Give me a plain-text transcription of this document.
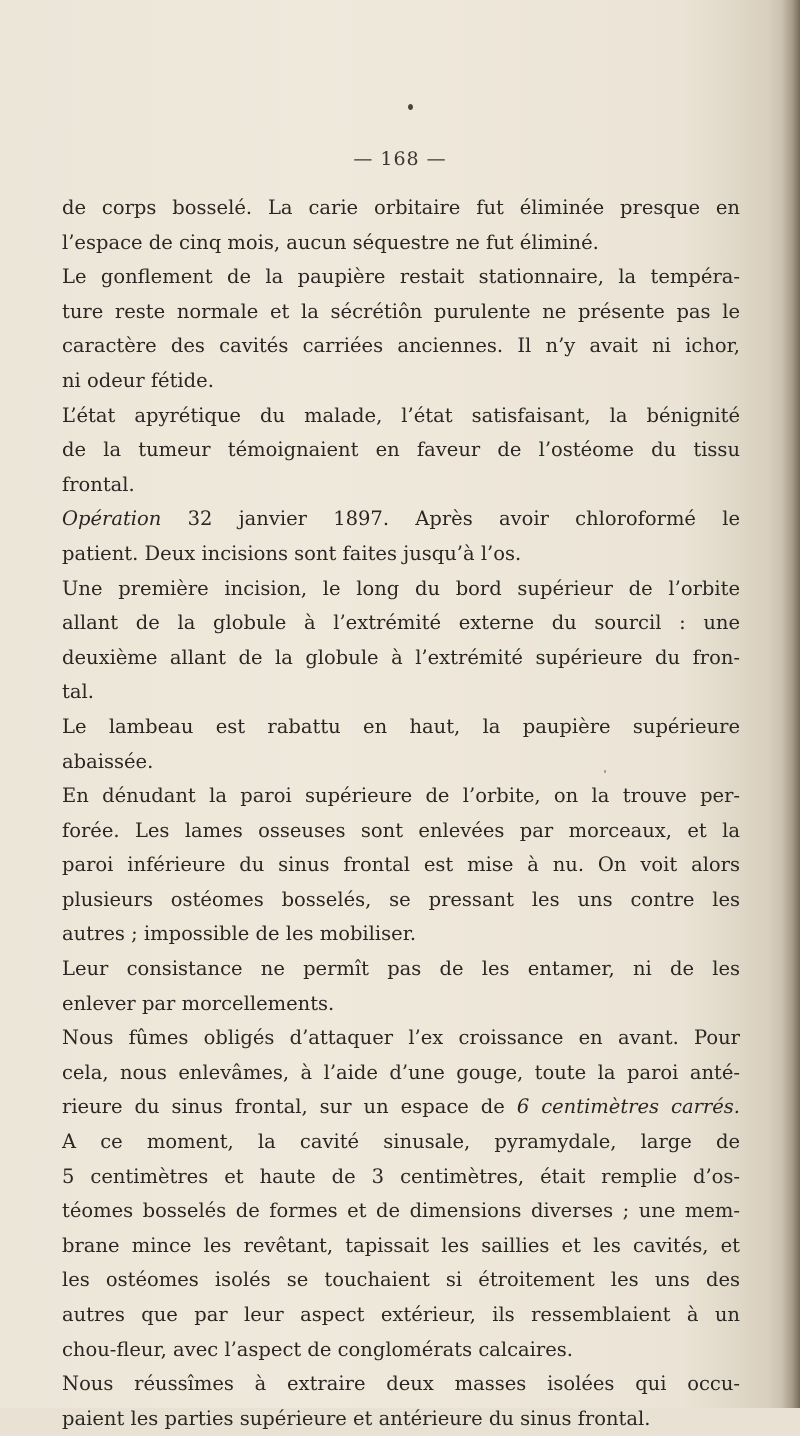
— 168 —
de corps bosselé. La carie orbitaire fut éliminée presque en
l’espace de cinq mois, aucun séquestre ne fut éliminé.
Le gonflement de la paupière restait stationnaire, la tempéra-
ture reste normale et la sécrétiôn purulente ne présente pas le
caractère des cavités carriées anciennes. Il n’y avait ni ichor,
ni odeur fétide.
L’état apyrétique du malade, l’état satisfaisant, la bénignité
de la tumeur témoignaient en faveur de l’ostéome du tissu
frontal.
Opération 32 janvier 1897. Après avoir chloroformé le
patient. Deux incisions sont faites jusqu’à l’os.
Une première incision, le long du bord supérieur de l’orbite
allant de la globule à l’extrémité externe du sourcil : une
deuxième allant de la globule à l’extrémité supérieure du fron-
tal.
Le lambeau est rabattu en haut, la paupière supérieure
abaissée.
En dénudant la paroi supérieure de l’orbite, on la trouve per-
forée. Les lames osseuses sont enlevées par morceaux, et la
paroi inférieure du sinus frontal est mise à nu. On voit alors
plusieurs ostéomes bosselés, se pressant les uns contre les
autres ; impossible de les mobiliser.
Leur consistance ne permît pas de les entamer, ni de les
enlever par morcellements.
Nous fûmes obligés d’attaquer l’ex croissance en avant. Pour
cela, nous enlevâmes, à l’aide d’une gouge, toute la paroi anté-
rieure du sinus frontal, sur un espace de 6 centimètres carrés.
A ce moment, la cavité sinusale, pyramydale, large de
5 centimètres et haute de 3 centimètres, était remplie d’os-
téomes bosselés de formes et de dimensions diverses ; une mem-
brane mince les revêtant, tapissait les saillies et les cavités, et
les ostéomes isolés se touchaient si étroitement les uns des
autres que par leur aspect extérieur, ils ressemblaient à un
chou-fleur, avec l’aspect de conglomérats calcaires.
Nous réussîmes à extraire deux masses isolées qui occu-
paient les parties supérieure et antérieure du sinus frontal.
